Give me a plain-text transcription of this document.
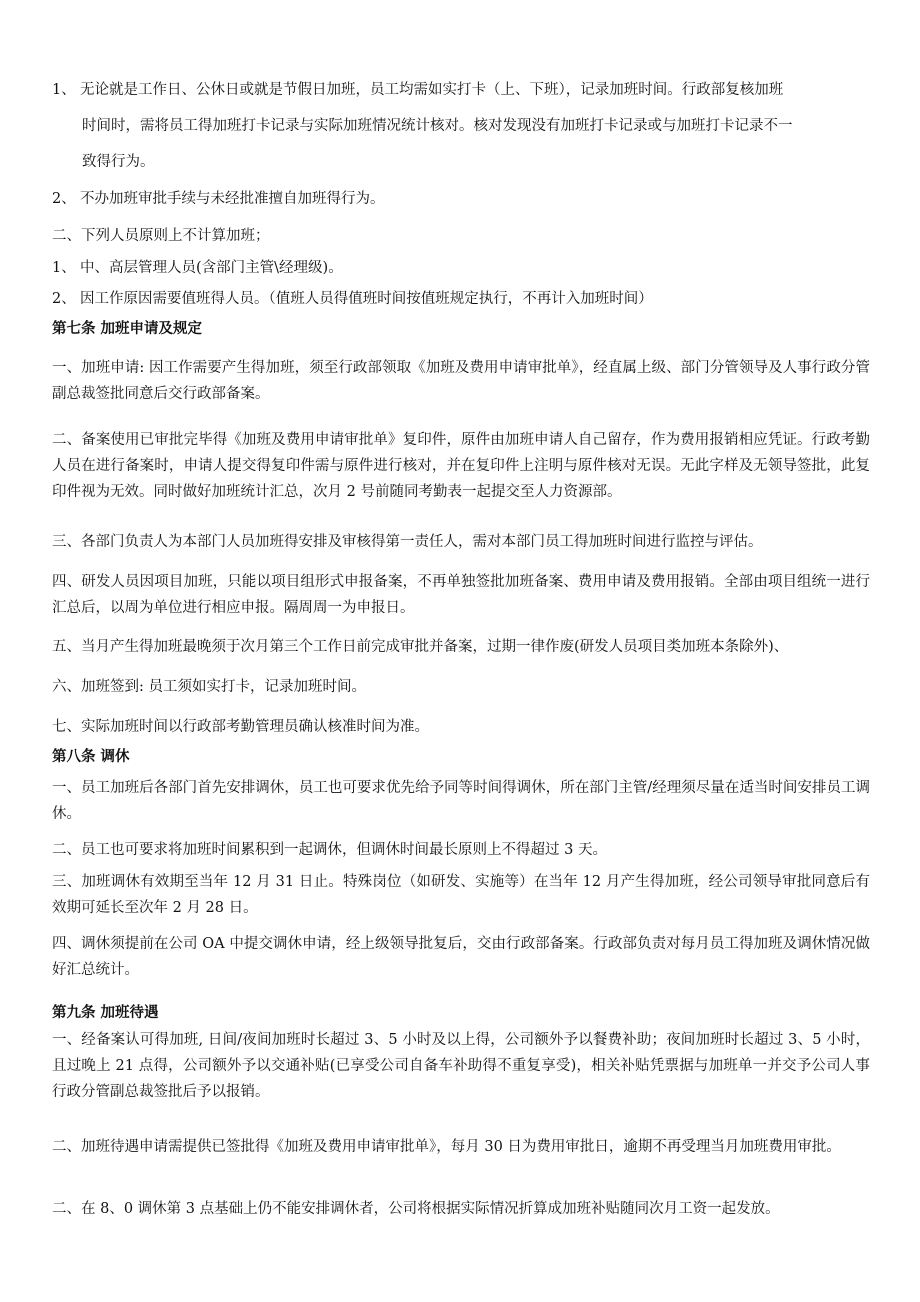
1、 无论就是工作日、公休日或就是节假日加班，员工均需如实打卡（上、下班），记录加班时间。行政部复核加班
时间时，需将员工得加班打卡记录与实际加班情况统计核对。核对发现没有加班打卡记录或与加班打卡记录不一
致得行为。
2、 不办加班审批手续与未经批准擅自加班得行为。
二、下列人员原则上不计算加班；
1、 中、高层管理人员(含部门主管\经理级)。
2、 因工作原因需要值班得人员。（值班人员得值班时间按值班规定执行，不再计入加班时间）
第七条 加班申请及规定
一、加班申请: 因工作需要产生得加班，须至行政部领取《加班及费用申请审批单》，经直属上级、部门分管领导及人事行政分管副总裁签批同意后交行政部备案。
二、备案使用已审批完毕得《加班及费用申请审批单》复印件，原件由加班申请人自己留存，作为费用报销相应凭证。行政考勤人员在进行备案时，申请人提交得复印件需与原件进行核对，并在复印件上注明与原件核对无误。无此字样及无领导签批，此复印件视为无效。同时做好加班统计汇总，次月 2 号前随同考勤表一起提交至人力资源部。
三、各部门负责人为本部门人员加班得安排及审核得第一责任人，需对本部门员工得加班时间进行监控与评估。
四、研发人员因项目加班，只能以项目组形式申报备案，不再单独签批加班备案、费用申请及费用报销。全部由项目组统一进行汇总后，以周为单位进行相应申报。隔周周一为申报日。
五、当月产生得加班最晚须于次月第三个工作日前完成审批并备案，过期一律作废(研发人员项目类加班本条除外)、
六、加班签到: 员工须如实打卡，记录加班时间。
七、实际加班时间以行政部考勤管理员确认核准时间为准。
第八条 调休
一、员工加班后各部门首先安排调休，员工也可要求优先给予同等时间得调休，所在部门主管/经理须尽量在适当时间安排员工调休。
二、员工也可要求将加班时间累积到一起调休，但调休时间最长原则上不得超过 3 天。
三、加班调休有效期至当年 12 月 31 日止。特殊岗位（如研发、实施等）在当年 12 月产生得加班，经公司领导审批同意后有效期可延长至次年 2 月 28 日。
四、调休须提前在公司 OA 中提交调休申请，经上级领导批复后，交由行政部备案。行政部负责对每月员工得加班及调休情况做好汇总统计。
第九条 加班待遇
一、经备案认可得加班, 日间/夜间加班时长超过 3、5 小时及以上得，公司额外予以餐费补助；夜间加班时长超过 3、5 小时，且过晚上 21 点得，公司额外予以交通补贴(已享受公司自备车补助得不重复享受)，相关补贴凭票据与加班单一并交予公司人事行政分管副总裁签批后予以报销。
二、加班待遇申请需提供已签批得《加班及费用申请审批单》，每月 30 日为费用审批日，逾期不再受理当月加班费用审批。
二、在 8、0 调休第 3 点基础上仍不能安排调休者，公司将根据实际情况折算成加班补贴随同次月工资一起发放。
